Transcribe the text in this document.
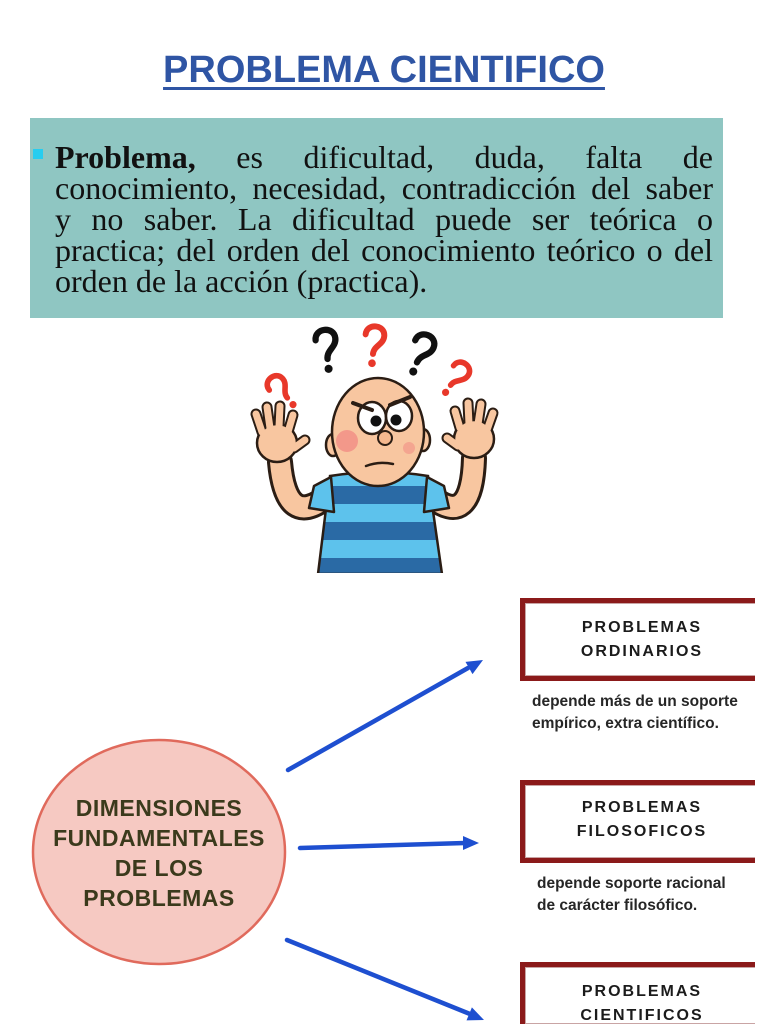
PROBLEMA CIENTIFICO
Problema, es dificultad, duda, falta de
conocimiento, necesidad, contradicción del saber
y no saber. La dificultad puede ser teórica o
practica; del orden del conocimiento teórico o del
orden de la acción (practica).
DIMENSIONES
FUNDAMENTALES
DE LOS
PROBLEMAS
PROBLEMAS
ORDINARIOS
depende más de un soporte
empírico, extra científico.
PROBLEMAS
FILOSOFICOS
depende soporte racional
de carácter filosófico.
PROBLEMAS
CIENTIFICOS
